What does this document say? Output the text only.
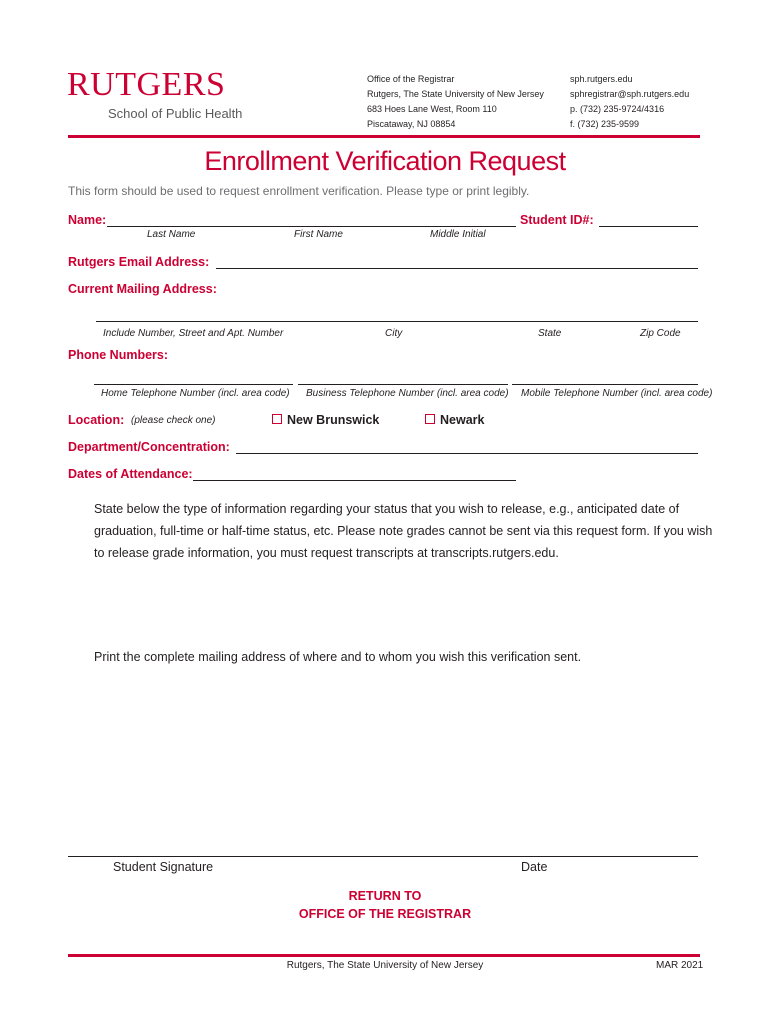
RUTGERS
School of Public Health
Office of the Registrar
Rutgers, The State University of New Jersey
683 Hoes Lane West, Room 110
Piscataway, NJ 08854
sph.rutgers.edu
sphregistrar@sph.rutgers.edu
p. (732) 235-9724/4316
f. (732) 235-9599
Enrollment Verification Request
This form should be used to request enrollment verification. Please type or print legibly.
Name:	Student ID#:
Last Name	First Name	Middle Initial
Rutgers Email Address:
Current Mailing Address:
Include Number, Street and Apt. Number	City	State	Zip Code
Phone Numbers:
Home Telephone Number (incl. area code) Business Telephone Number (incl. area code) Mobile Telephone Number (incl. area code)
Location: (please check one)	New Brunswick	Newark
Department/Concentration:
Dates of Attendance:
State below the type of information regarding your status that you wish to release, e.g., anticipated date of graduation, full-time or half-time status, etc. Please note grades cannot be sent via this request form. If you wish to release grade information, you must request transcripts at transcripts.rutgers.edu.
Print the complete mailing address of where and to whom you wish this verification sent.
Student Signature	Date
RETURN TO
OFFICE OF THE REGISTRAR
Rutgers, The State University of New Jersey	MAR 2021
